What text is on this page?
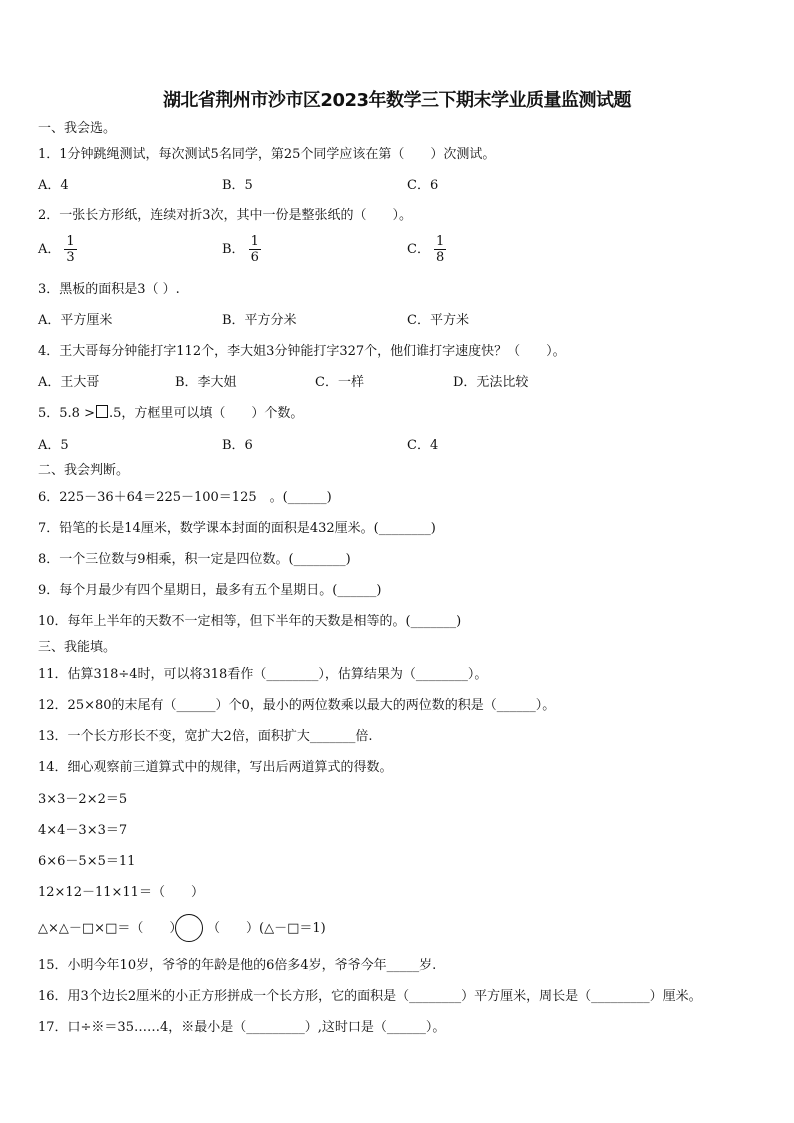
湖北省荆州市沙市区2023年数学三下期末学业质量监测试题
一、我会选。
1．1分钟跳绳测试，每次测试5名同学，第25个同学应该在第（　　）次测试。
A．4	B．5	C．6
2．一张长方形纸，连续对折3次，其中一份是整张纸的（　　）。
A． $\frac{1}{3}$	B． $\frac{1}{6}$	C． $\frac{1}{8}$
3．黑板的面积是3（ ）.
A．平方厘米	B．平方分米	C．平方米
4．王大哥每分钟能打字112个，李大姐3分钟能打字327个，他们谁打字速度快？（　　）。
A．王大哥	B．李大姐	C．一样	D．无法比较
5．5.8 > .5，方框里可以填（　　）个数。
A．5	B．6	C．4
二、我会判断。
6．225－36＋64＝225－100＝125　。(______)
7．铅笔的长是14厘米，数学课本封面的面积是432厘米。(________)
8．一个三位数与9相乘，积一定是四位数。(________)
9．每个月最少有四个星期日，最多有五个星期日。(______)
10．每年上半年的天数不一定相等，但下半年的天数是相等的。(_______)
三、我能填。
11．估算318÷4时，可以将318看作（________），估算结果为（________）。
12．25×80的末尾有（______）个0，最小的两位数乘以最大的两位数的积是（______）。
13．一个长方形长不变，宽扩大2倍，面积扩大_______倍.
14．细心观察前三道算式中的规律，写出后两道算式的得数。
3×3－2×2＝5
4×4－3×3＝7
6×6－5×5＝11
12×12－11×11＝（　　）
△×△－□×□＝（　　） （　　）(△－□＝1)
15．小明今年10岁，爷爷的年龄是他的6倍多4岁，爷爷今年_____岁.
16．用3个边长2厘米的小正方形拼成一个长方形，它的面积是（________）平方厘米，周长是（_________）厘米。
17．口÷※＝35……4，※最小是（_________）,这时口是（______）。
